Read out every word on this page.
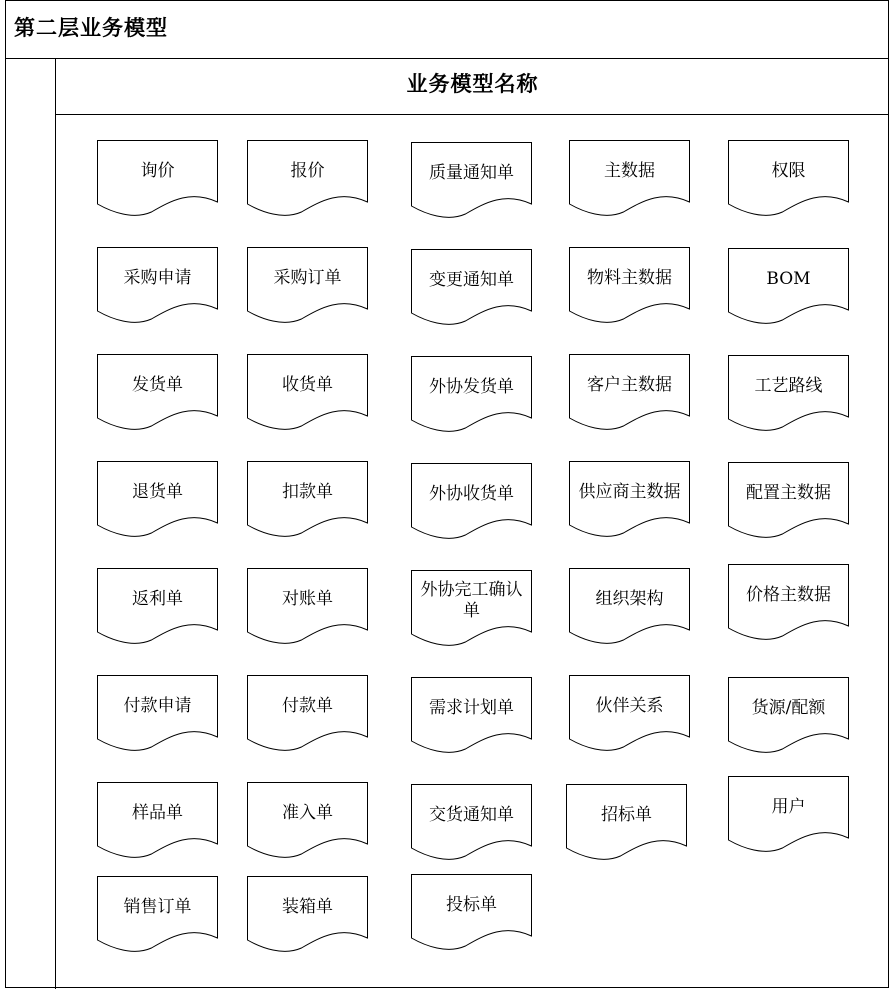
第二层业务模型
业务模型名称
询价
采购申请
发货单
退货单
返利单
付款申请
样品单
销售订单
报价
采购订单
收货单
扣款单
对账单
付款单
准入单
装箱单
质量通知单
变更通知单
外协发货单
外协收货单
外协完工确认单
需求计划单
交货通知单
投标单
主数据
物料主数据
客户主数据
供应商主数据
组织架构
伙伴关系
招标单
权限
BOM
工艺路线
配置主数据
价格主数据
货源/配额
用户
